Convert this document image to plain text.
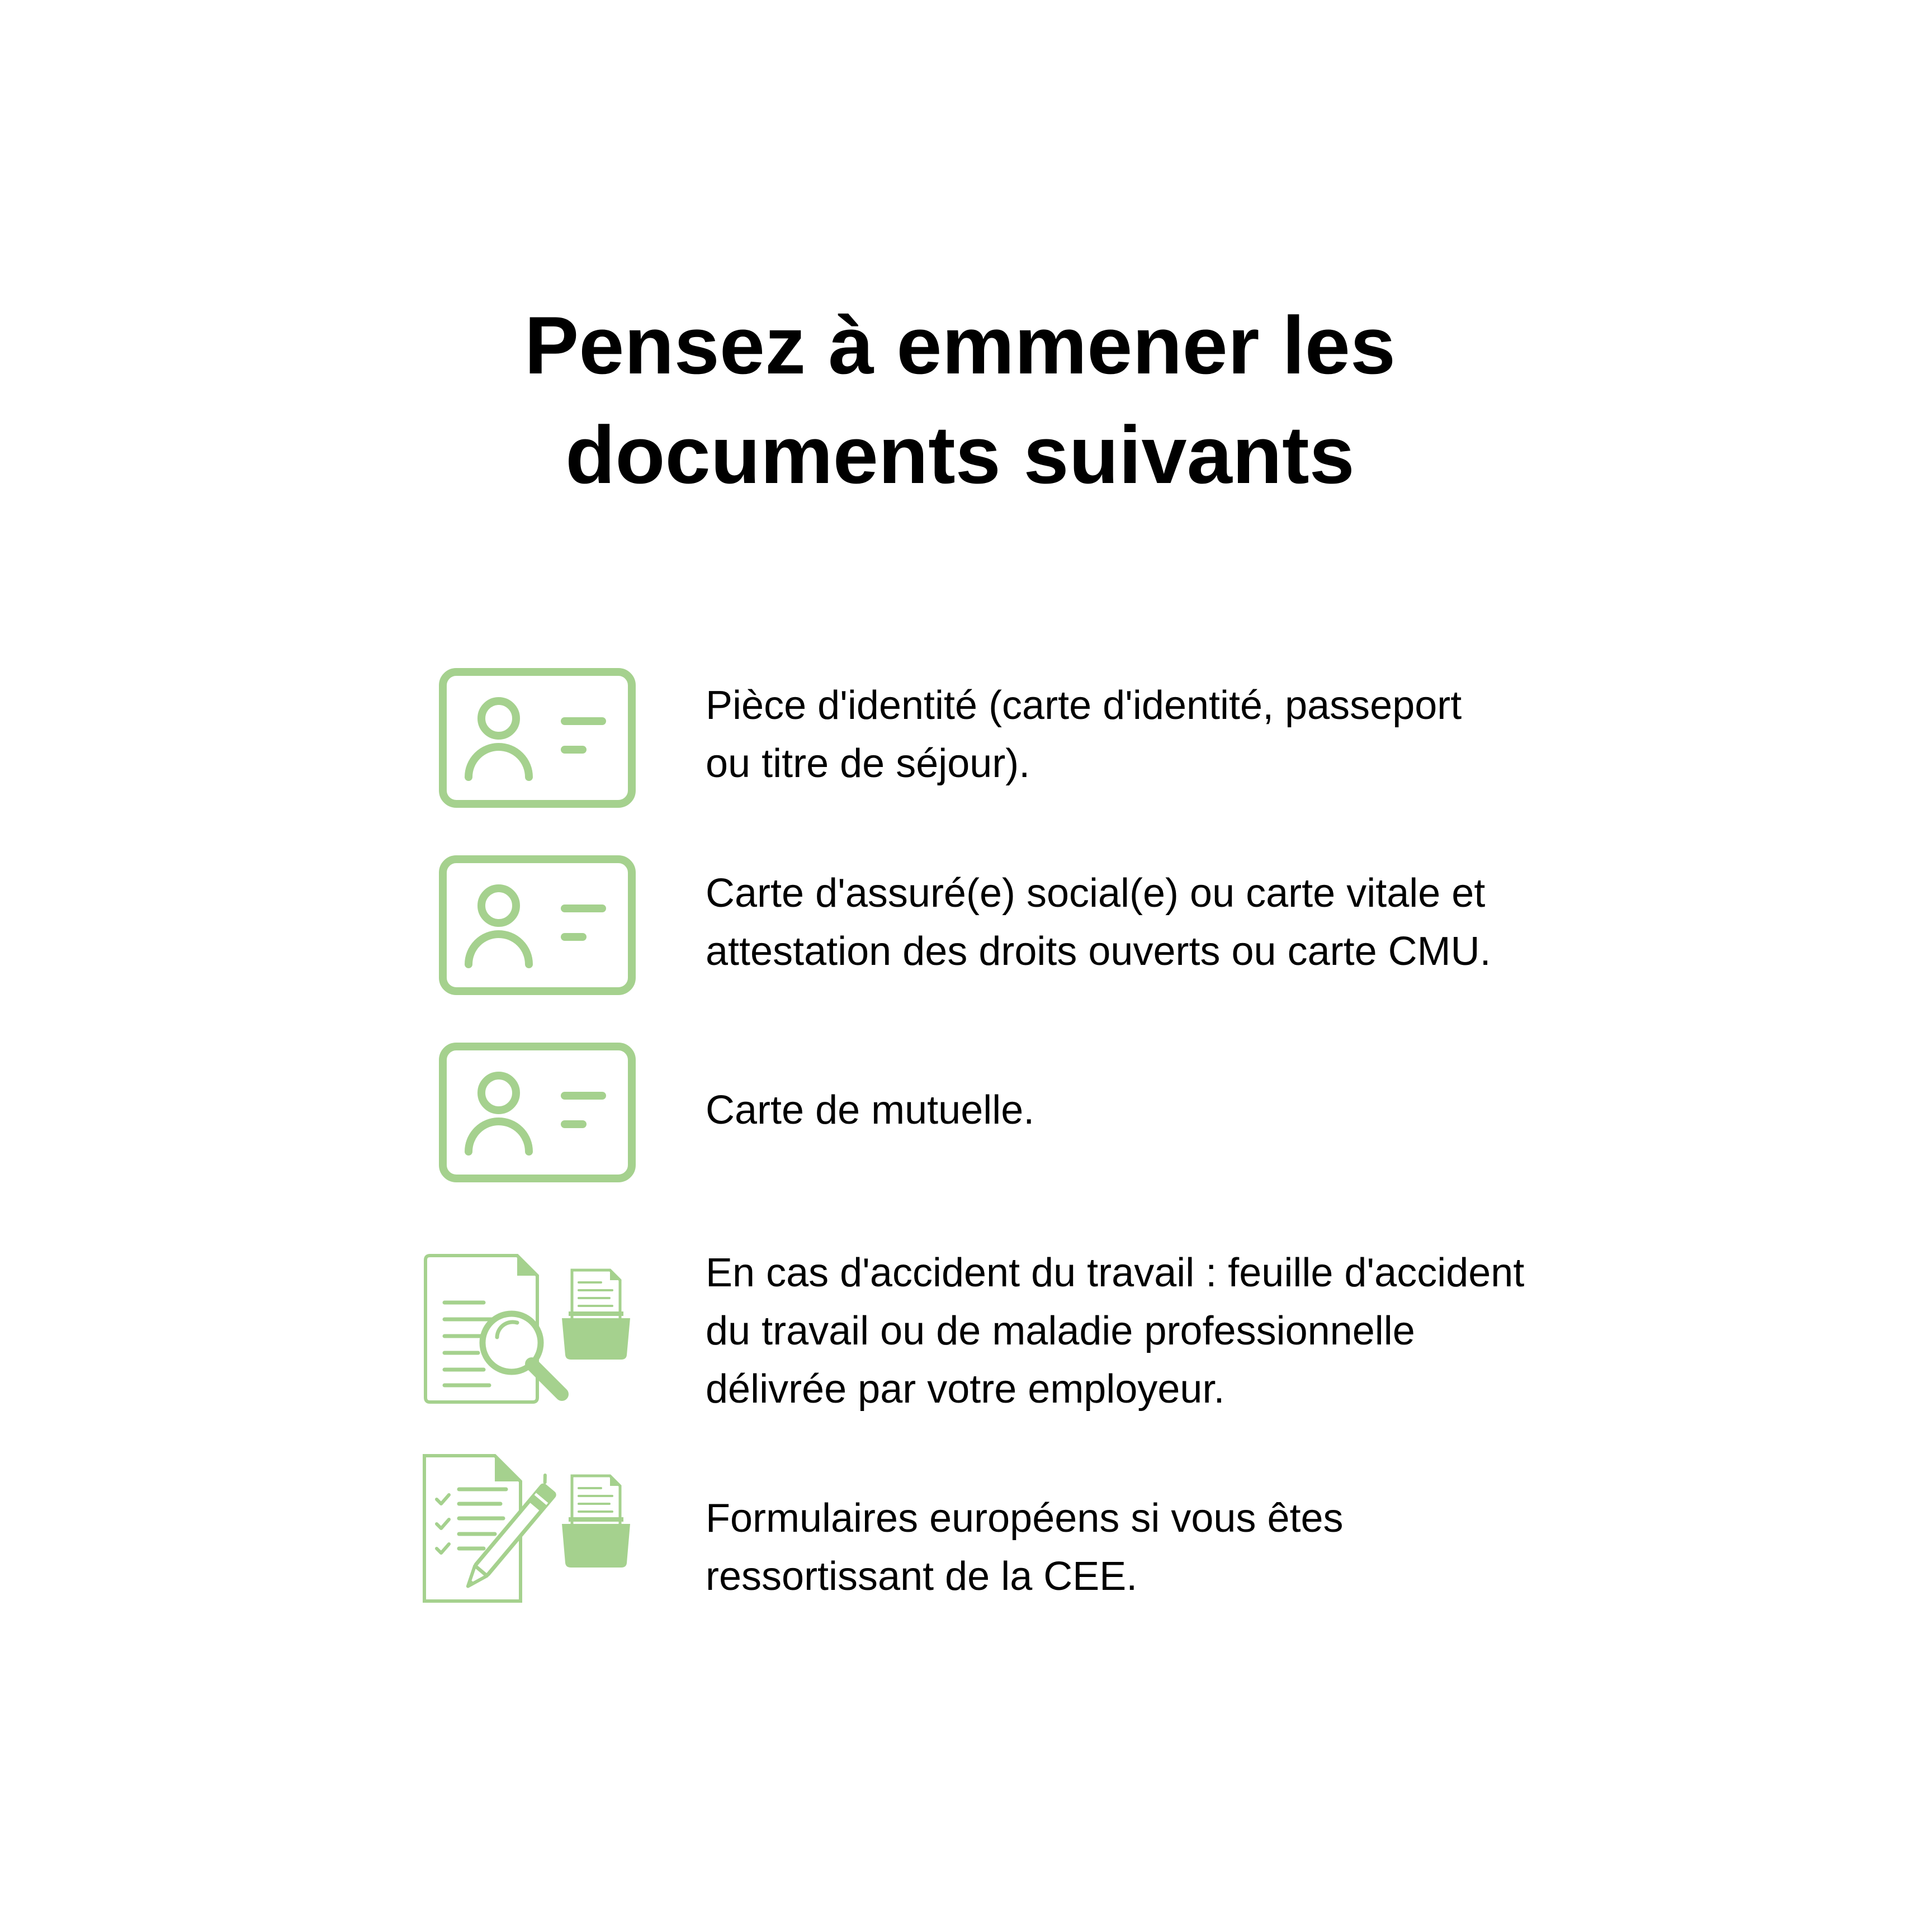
Pensez à emmener les
documents suivants
Pièce d'identité (carte d'identité, passeport
ou titre de séjour).
Carte d'assuré(e) social(e) ou carte vitale et
attestation des droits ouverts ou carte CMU.
Carte de mutuelle.
En cas d'accident du travail : feuille d'accident
du travail ou de maladie professionnelle
délivrée par votre employeur.
Formulaires européens si vous êtes
ressortissant de la CEE.
